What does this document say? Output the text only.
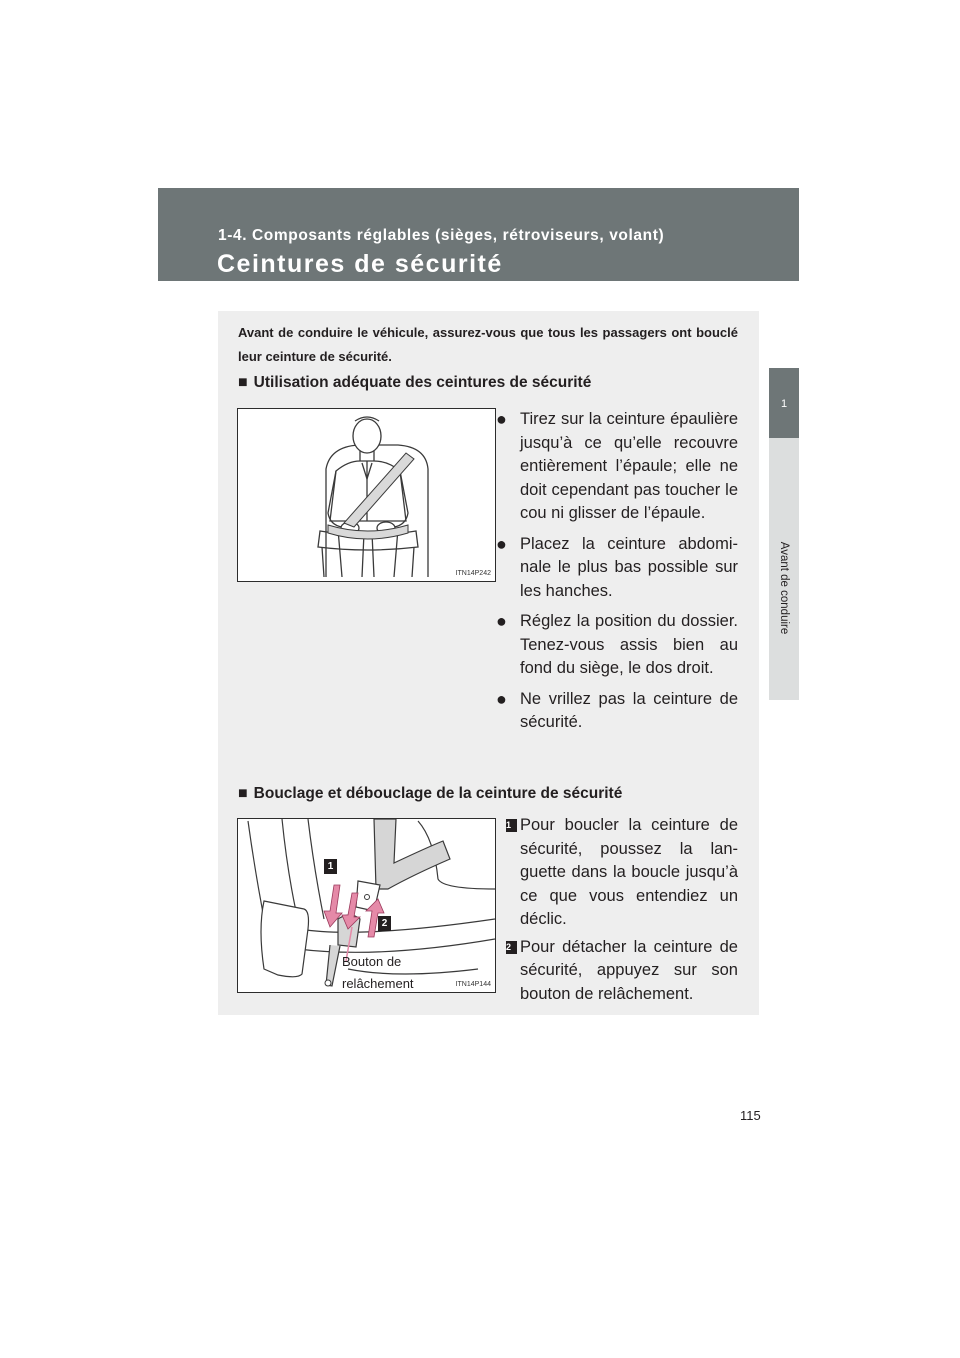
1-4. Composants réglables (sièges, rétroviseurs, volant)
Ceintures de sécurité
1
Avant de conduire
Avant de conduire le véhicule, assurez-vous que tous les passagers ont bouclé leur ceinture de sécurité.
■ Utilisation adéquate des ceintures de sécurité
ITN14P242
● Tirez sur la ceinture épaulière jusqu’à ce qu’elle recouvre entièrement l’épaule; elle ne doit cependant pas toucher le cou ni glisser de l’épaule.
● Placez la ceinture abdominale le plus bas possible sur les hanches.
● Réglez la position du dossier. Tenez-vous assis bien au fond du siège, le dos droit.
● Ne vrillez pas la ceinture de sécurité.
■ Bouclage et débouclage de la ceinture de sécurité
1
2
Bouton de
relâchement	ITN14P144
1 Pour boucler la ceinture de sécurité, poussez la languette dans la boucle jusqu’à ce que vous entendiez un déclic.
2 Pour détacher la ceinture de sécurité, appuyez sur son bouton de relâchement.
115
